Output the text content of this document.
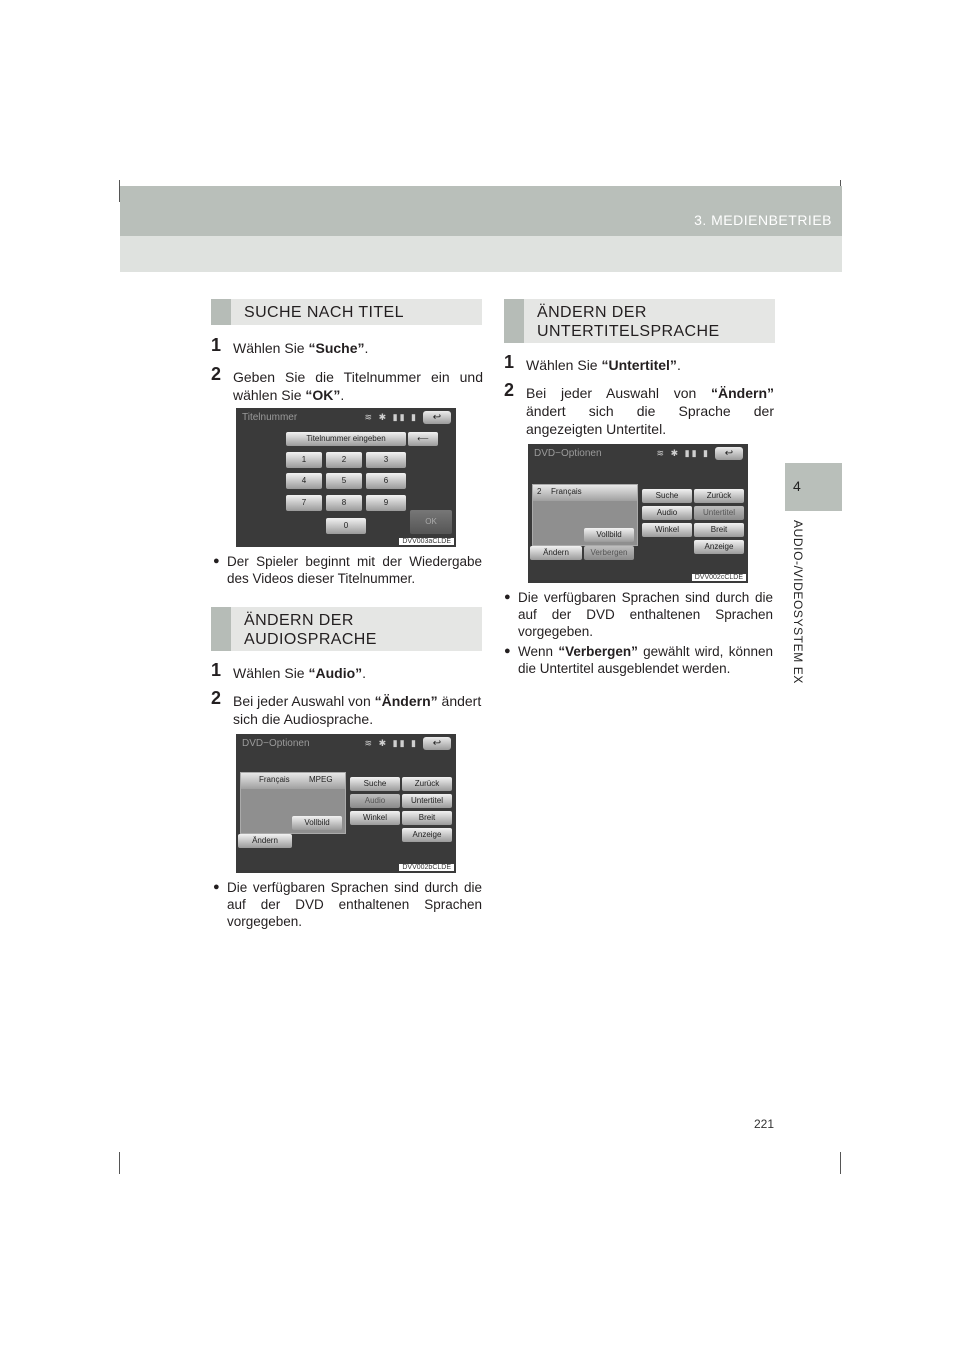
3. MEDIENBETRIEB
4
AUDIO-/VIDEOSYSTEM EX
SUCHE NACH TITEL
1 Wählen Sie “Suche”.
2 Geben Sie die Titelnummer ein und wählen Sie “OK”.
Titelnummer	≋ ✱ ▮▮ ▮	↩
Titelnummer eingeben	⟵
1	2	3
4	5	6
7	8	9
0	OK
DVV003aCLDE
● Der Spieler beginnt mit der Wiedergabe des Videos dieser Titelnummer.
ÄNDERN DER
AUDIOSPRACHE
1 Wählen Sie “Audio”.
2 Bei jeder Auswahl von “Ändern” ändert sich die Audiosprache.
DVD−Optionen	≋ ✱ ▮▮ ▮	↩
Français MPEG
Vollbild
Ändern
Suche	Zurück
Audio	Untertitel
Winkel	Breit
Anzeige
DVV002bCLDE
● Die verfügbaren Sprachen sind durch die auf der DVD enthaltenen Sprachen vorgegeben.
ÄNDERN DER
UNTERTITELSPRACHE
1 Wählen Sie “Untertitel”.
2 Bei jeder Auswahl von “Ändern” ändert sich die Sprache der angezeigten Untertitel.
DVD−Optionen	≋ ✱ ▮▮ ▮	↩
2 Français
Vollbild
Ändern	Verbergen
Suche	Zurück
Audio	Untertitel
Winkel	Breit
Anzeige
DVV002cCLDE
● Die verfügbaren Sprachen sind durch die auf der DVD enthaltenen Sprachen vorgegeben.
● Wenn “Verbergen” gewählt wird, können die Untertitel ausgeblendet werden.
221
